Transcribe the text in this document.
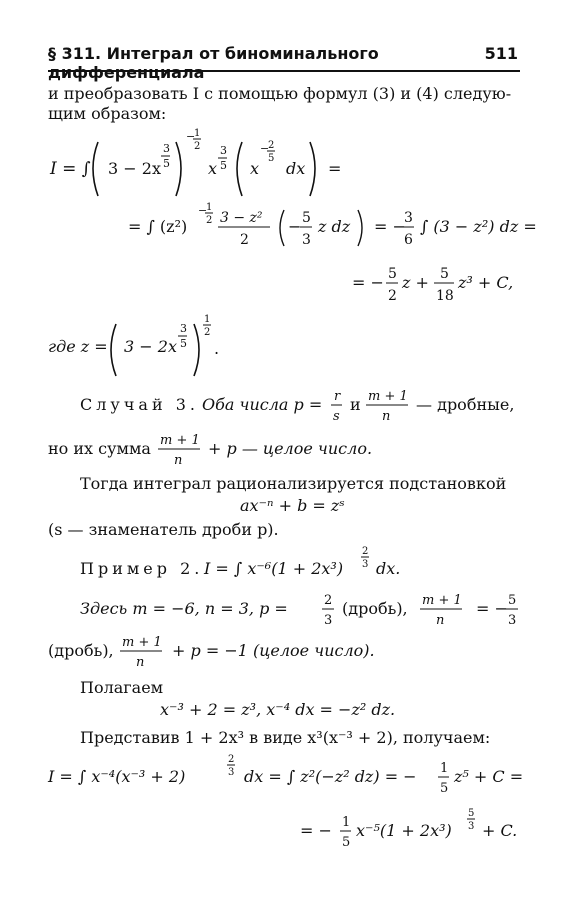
§ 311. Интеграл от биноминального дифференциала
511
и преобразовать I с помощью формул (3) и (4) следую-
щим образом:
I = ∫ 3 − 2x
3
5
−
1
2
x
3
5 x
−
2
5
dx =
= ∫ (z²)
−
1
2 3 − z²
2
− 5
3
z dz = −
3
6
∫ (3 − z²) dz =
= − 5
2
z + 5
18
z³ + C,
где z = 3 − 2x
3
5
1
2
.
Случай 3. Оба числа p = r
s
и m + 1
n
— дробные,
но их сумма m + 1
n
+ p — целое число.
Тогда интеграл рационализируется подстановкой
ax⁻ⁿ + b = zˢ
(s — знаменатель дроби p).
Пример 2. I = ∫ x⁻⁶(1 + 2x³)
2
3 dx.
Здесь m = −6, n = 3, p =	2
3
(дробь), m + 1
n
= − 5
3
(дробь), m + 1
n
+ p = −1 (целое число).
Полагаем
x⁻³ + 2 = z³, x⁻⁴ dx = −z² dz.
Представив 1 + 2x³ в виде x³(x⁻³ + 2), получаем:
I = ∫ x⁻⁴(x⁻³ + 2)
2
3 dx = ∫ z²(−z² dz) = − 1
5
z⁵ + C =
= − 1
5
x⁻⁵(1 + 2x³)
5
3 + C.
